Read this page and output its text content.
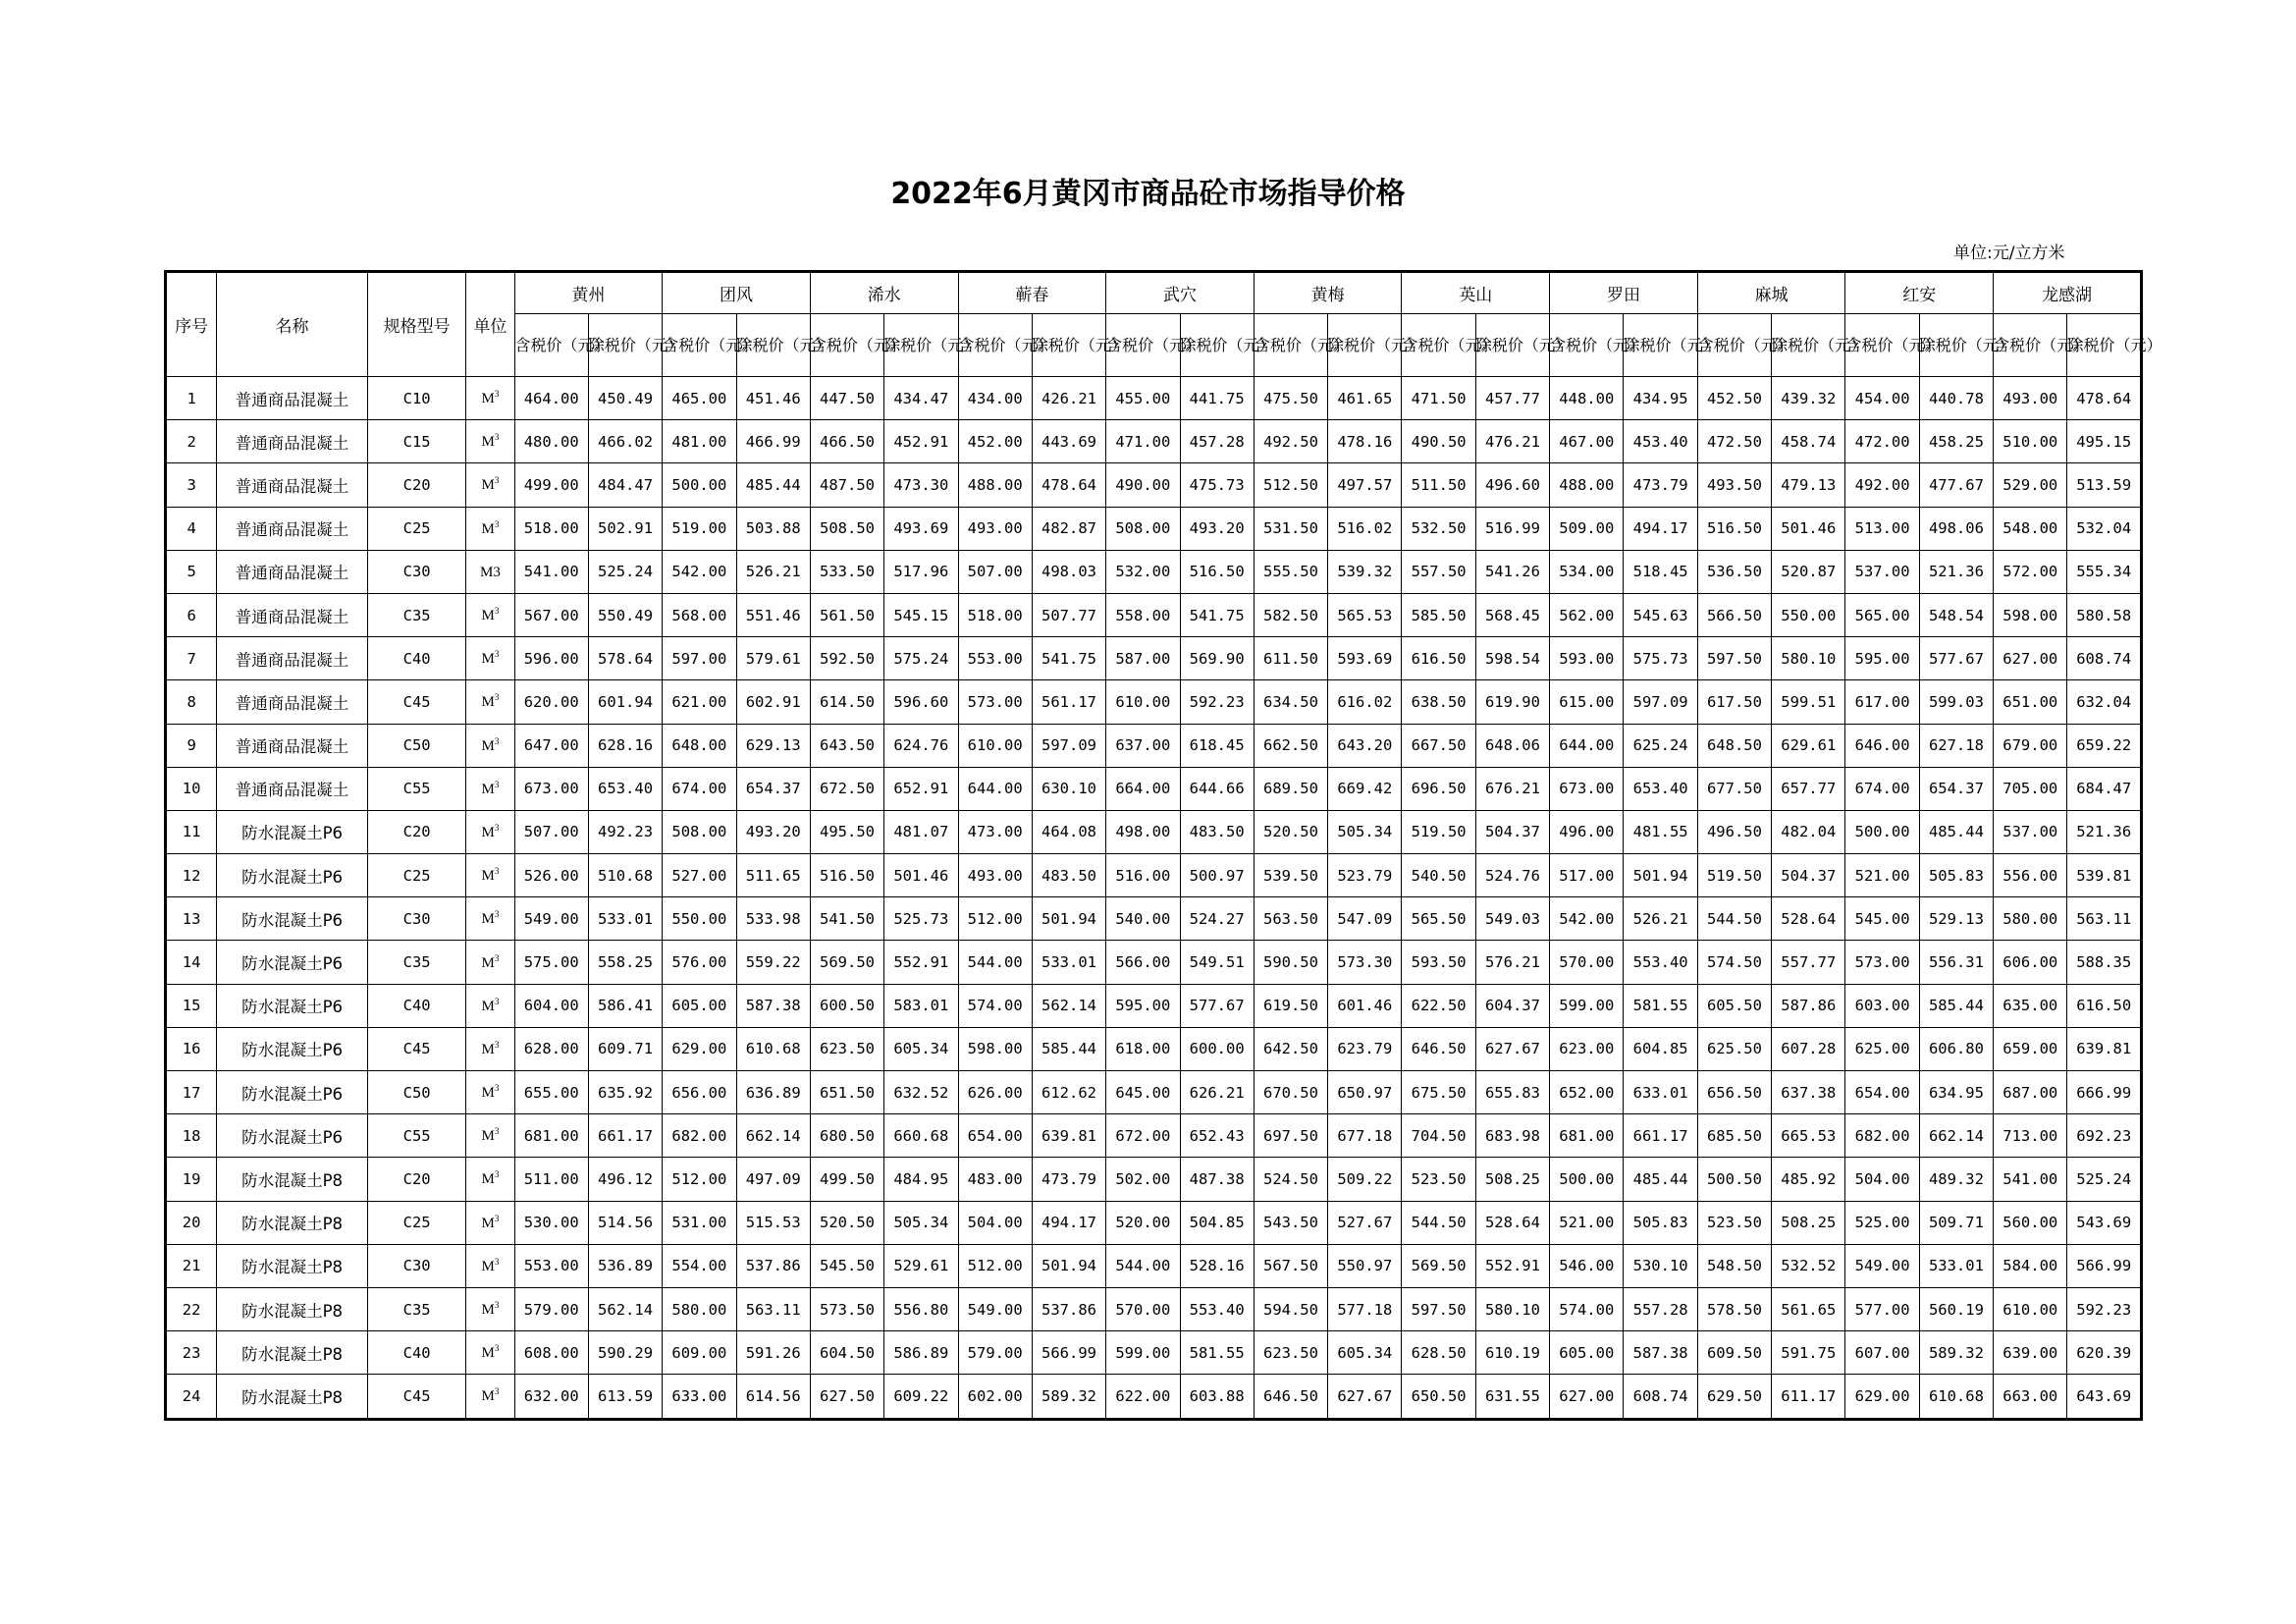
2022年6月黄冈市商品砼市场指导价格
单位:元/立方米
序号	名称	规格型号	单位	黄州		团风		浠水		蕲春		武穴		黄梅		英山		罗田		麻城		红安		龙感湖	
				含税价（元）	除税价（元）	含税价（元）	除税价（元）	含税价（元）	除税价（元）	含税价（元）	除税价（元）	含税价（元）	除税价（元）	含税价（元）	除税价（元）	含税价（元）	除税价（元）	含税价（元）	除税价（元）	含税价（元）	除税价（元）	含税价（元）	除税价（元）	含税价（元）	除税价（元）
1	普通商品混凝土	C10	$M^3$	464.00	450.49	465.00	451.46	447.50	434.47	434.00	426.21	455.00	441.75	475.50	461.65	471.50	457.77	448.00	434.95	452.50	439.32	454.00	440.78	493.00	478.64
2	普通商品混凝土	C15	$M^3$	480.00	466.02	481.00	466.99	466.50	452.91	452.00	443.69	471.00	457.28	492.50	478.16	490.50	476.21	467.00	453.40	472.50	458.74	472.00	458.25	510.00	495.15
3	普通商品混凝土	C20	$M^3$	499.00	484.47	500.00	485.44	487.50	473.30	488.00	478.64	490.00	475.73	512.50	497.57	511.50	496.60	488.00	473.79	493.50	479.13	492.00	477.67	529.00	513.59
4	普通商品混凝土	C25	$M^3$	518.00	502.91	519.00	503.88	508.50	493.69	493.00	482.87	508.00	493.20	531.50	516.02	532.50	516.99	509.00	494.17	516.50	501.46	513.00	498.06	548.00	532.04
5	普通商品混凝土	C30	M3	541.00	525.24	542.00	526.21	533.50	517.96	507.00	498.03	532.00	516.50	555.50	539.32	557.50	541.26	534.00	518.45	536.50	520.87	537.00	521.36	572.00	555.34
6	普通商品混凝土	C35	$M^3$	567.00	550.49	568.00	551.46	561.50	545.15	518.00	507.77	558.00	541.75	582.50	565.53	585.50	568.45	562.00	545.63	566.50	550.00	565.00	548.54	598.00	580.58
7	普通商品混凝土	C40	$M^3$	596.00	578.64	597.00	579.61	592.50	575.24	553.00	541.75	587.00	569.90	611.50	593.69	616.50	598.54	593.00	575.73	597.50	580.10	595.00	577.67	627.00	608.74
8	普通商品混凝土	C45	$M^3$	620.00	601.94	621.00	602.91	614.50	596.60	573.00	561.17	610.00	592.23	634.50	616.02	638.50	619.90	615.00	597.09	617.50	599.51	617.00	599.03	651.00	632.04
9	普通商品混凝土	C50	$M^3$	647.00	628.16	648.00	629.13	643.50	624.76	610.00	597.09	637.00	618.45	662.50	643.20	667.50	648.06	644.00	625.24	648.50	629.61	646.00	627.18	679.00	659.22
10	普通商品混凝土	C55	$M^3$	673.00	653.40	674.00	654.37	672.50	652.91	644.00	630.10	664.00	644.66	689.50	669.42	696.50	676.21	673.00	653.40	677.50	657.77	674.00	654.37	705.00	684.47
11	防水混凝土P6	C20	$M^3$	507.00	492.23	508.00	493.20	495.50	481.07	473.00	464.08	498.00	483.50	520.50	505.34	519.50	504.37	496.00	481.55	496.50	482.04	500.00	485.44	537.00	521.36
12	防水混凝土P6	C25	$M^3$	526.00	510.68	527.00	511.65	516.50	501.46	493.00	483.50	516.00	500.97	539.50	523.79	540.50	524.76	517.00	501.94	519.50	504.37	521.00	505.83	556.00	539.81
13	防水混凝土P6	C30	$M^3$	549.00	533.01	550.00	533.98	541.50	525.73	512.00	501.94	540.00	524.27	563.50	547.09	565.50	549.03	542.00	526.21	544.50	528.64	545.00	529.13	580.00	563.11
14	防水混凝土P6	C35	$M^3$	575.00	558.25	576.00	559.22	569.50	552.91	544.00	533.01	566.00	549.51	590.50	573.30	593.50	576.21	570.00	553.40	574.50	557.77	573.00	556.31	606.00	588.35
15	防水混凝土P6	C40	$M^3$	604.00	586.41	605.00	587.38	600.50	583.01	574.00	562.14	595.00	577.67	619.50	601.46	622.50	604.37	599.00	581.55	605.50	587.86	603.00	585.44	635.00	616.50
16	防水混凝土P6	C45	$M^3$	628.00	609.71	629.00	610.68	623.50	605.34	598.00	585.44	618.00	600.00	642.50	623.79	646.50	627.67	623.00	604.85	625.50	607.28	625.00	606.80	659.00	639.81
17	防水混凝土P6	C50	$M^3$	655.00	635.92	656.00	636.89	651.50	632.52	626.00	612.62	645.00	626.21	670.50	650.97	675.50	655.83	652.00	633.01	656.50	637.38	654.00	634.95	687.00	666.99
18	防水混凝土P6	C55	$M^3$	681.00	661.17	682.00	662.14	680.50	660.68	654.00	639.81	672.00	652.43	697.50	677.18	704.50	683.98	681.00	661.17	685.50	665.53	682.00	662.14	713.00	692.23
19	防水混凝土P8	C20	$M^3$	511.00	496.12	512.00	497.09	499.50	484.95	483.00	473.79	502.00	487.38	524.50	509.22	523.50	508.25	500.00	485.44	500.50	485.92	504.00	489.32	541.00	525.24
20	防水混凝土P8	C25	$M^3$	530.00	514.56	531.00	515.53	520.50	505.34	504.00	494.17	520.00	504.85	543.50	527.67	544.50	528.64	521.00	505.83	523.50	508.25	525.00	509.71	560.00	543.69
21	防水混凝土P8	C30	$M^3$	553.00	536.89	554.00	537.86	545.50	529.61	512.00	501.94	544.00	528.16	567.50	550.97	569.50	552.91	546.00	530.10	548.50	532.52	549.00	533.01	584.00	566.99
22	防水混凝土P8	C35	$M^3$	579.00	562.14	580.00	563.11	573.50	556.80	549.00	537.86	570.00	553.40	594.50	577.18	597.50	580.10	574.00	557.28	578.50	561.65	577.00	560.19	610.00	592.23
23	防水混凝土P8	C40	$M^3$	608.00	590.29	609.00	591.26	604.50	586.89	579.00	566.99	599.00	581.55	623.50	605.34	628.50	610.19	605.00	587.38	609.50	591.75	607.00	589.32	639.00	620.39
24	防水混凝土P8	C45	$M^3$	632.00	613.59	633.00	614.56	627.50	609.22	602.00	589.32	622.00	603.88	646.50	627.67	650.50	631.55	627.00	608.74	629.50	611.17	629.00	610.68	663.00	643.69
